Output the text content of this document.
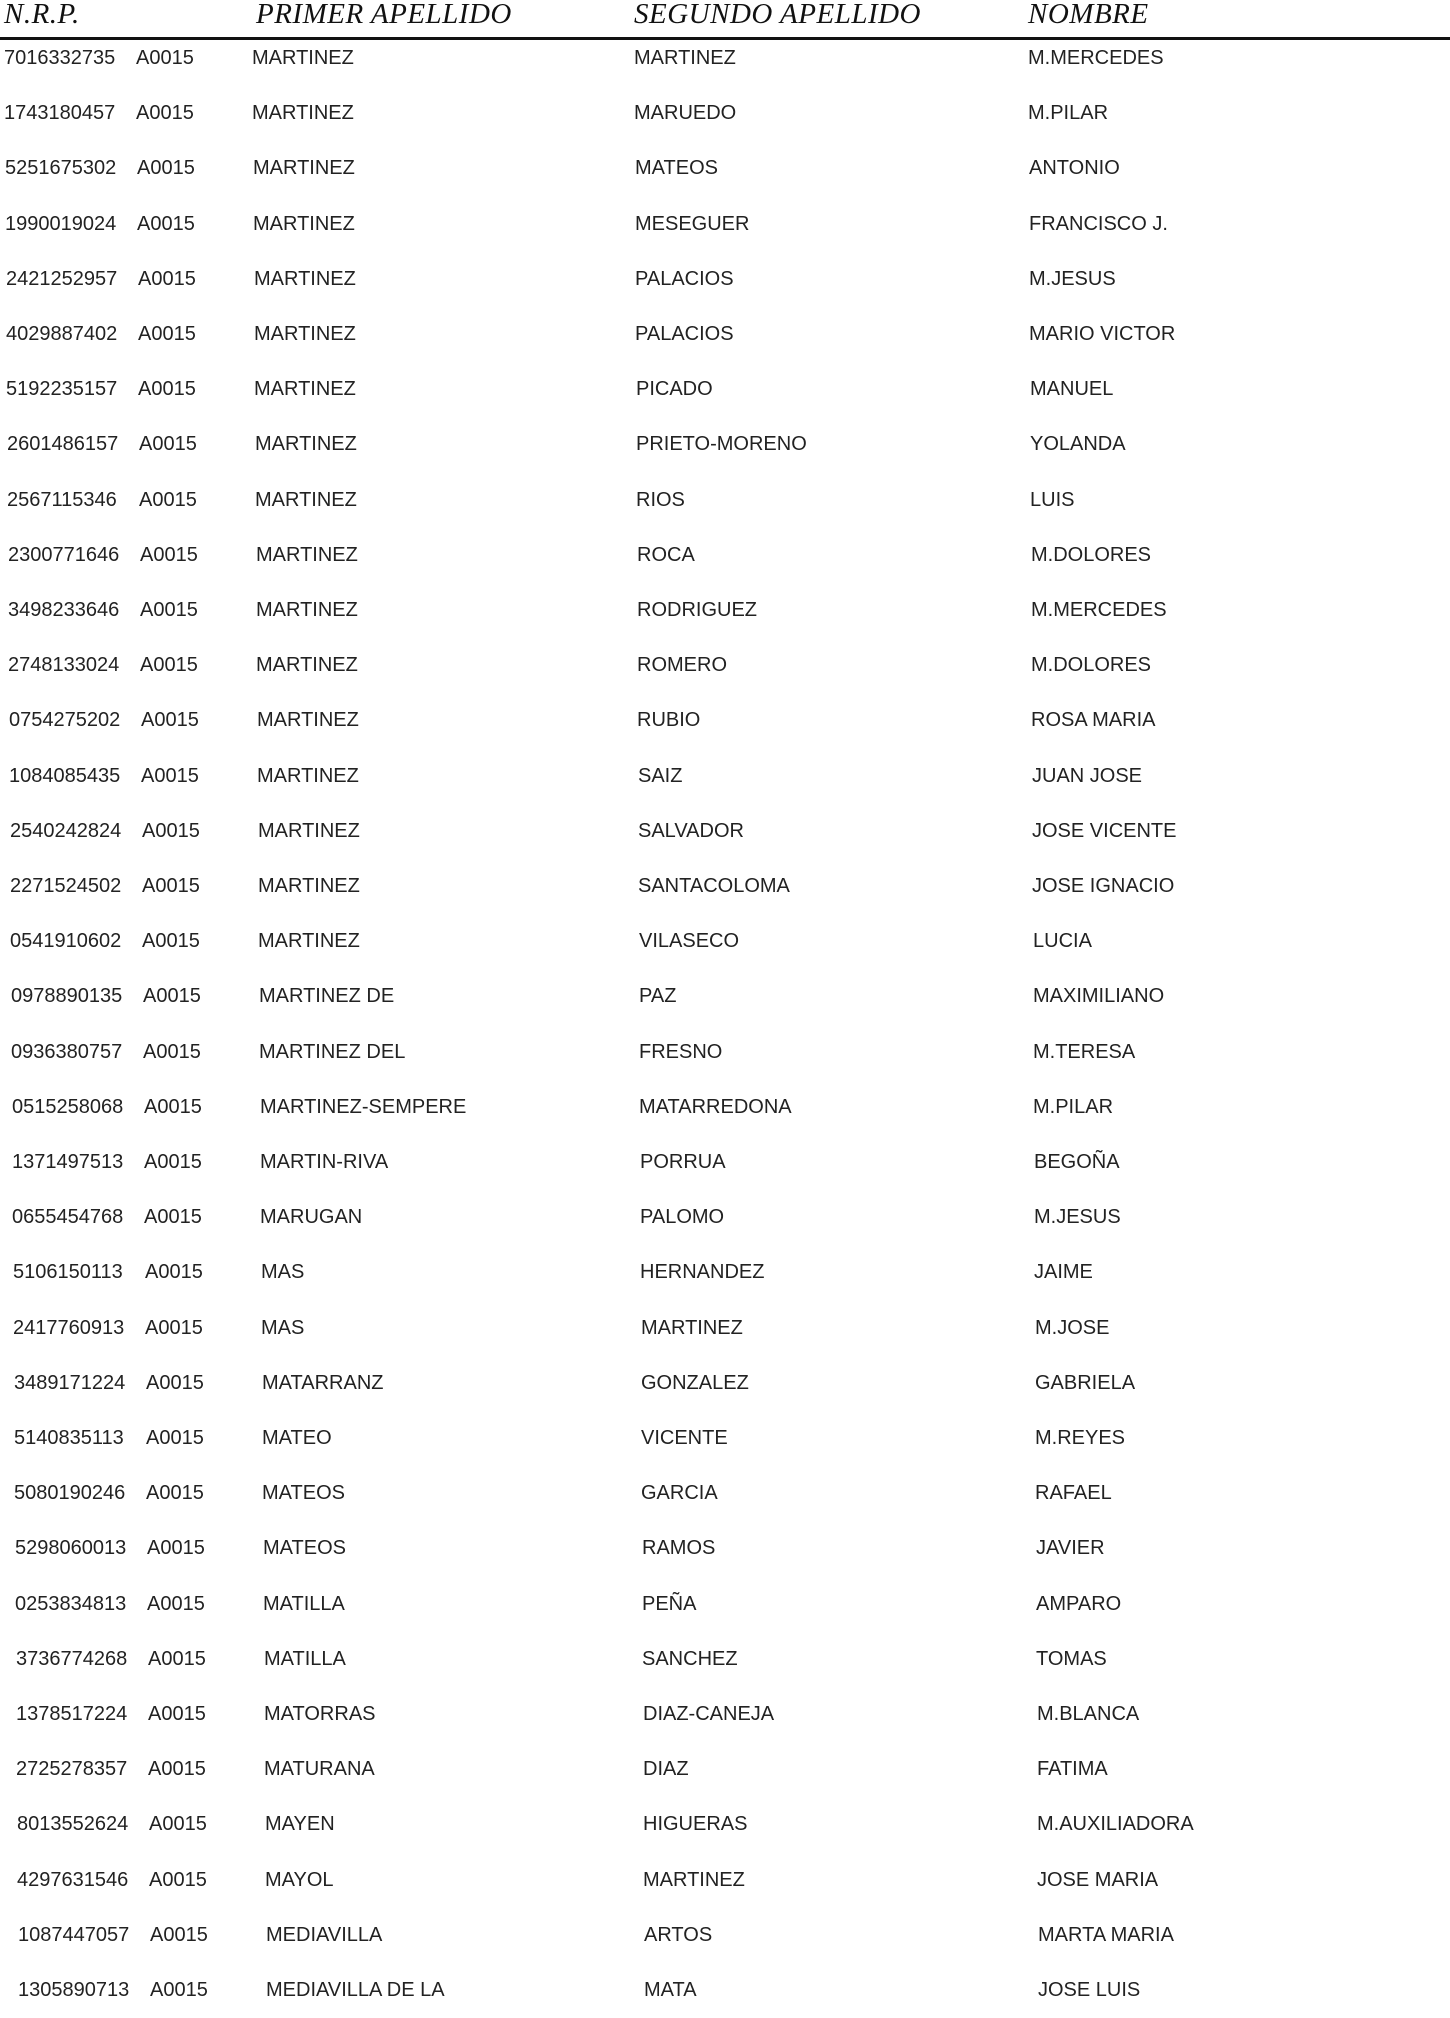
N.R.P.	PRIMER APELLIDO	SEGUNDO APELLIDO	NOMBRE
7016332735 A0015	MARTINEZ	MARTINEZ	M.MERCEDES
1743180457 A0015	MARTINEZ	MARUEDO	M.PILAR
5251675302 A0015	MARTINEZ	MATEOS	ANTONIO
1990019024 A0015	MARTINEZ	MESEGUER	FRANCISCO J.
2421252957 A0015	MARTINEZ	PALACIOS	M.JESUS
4029887402 A0015	MARTINEZ	PALACIOS	MARIO VICTOR
5192235157 A0015	MARTINEZ	PICADO	MANUEL
2601486157 A0015	MARTINEZ	PRIETO-MORENO	YOLANDA
2567115346 A0015	MARTINEZ	RIOS	LUIS
2300771646 A0015	MARTINEZ	ROCA	M.DOLORES
3498233646 A0015	MARTINEZ	RODRIGUEZ	M.MERCEDES
2748133024 A0015	MARTINEZ	ROMERO	M.DOLORES
0754275202 A0015	MARTINEZ	RUBIO	ROSA MARIA
1084085435 A0015	MARTINEZ	SAIZ	JUAN JOSE
2540242824 A0015	MARTINEZ	SALVADOR	JOSE VICENTE
2271524502 A0015	MARTINEZ	SANTACOLOMA	JOSE IGNACIO
0541910602 A0015	MARTINEZ	VILASECO	LUCIA
0978890135 A0015	MARTINEZ DE	PAZ	MAXIMILIANO
0936380757 A0015	MARTINEZ DEL	FRESNO	M.TERESA
0515258068 A0015	MARTINEZ-SEMPERE	MATARREDONA	M.PILAR
1371497513 A0015	MARTIN-RIVA	PORRUA	BEGOÑA
0655454768 A0015	MARUGAN	PALOMO	M.JESUS
5106150113 A0015	MAS	HERNANDEZ	JAIME
2417760913 A0015	MAS	MARTINEZ	M.JOSE
3489171224 A0015	MATARRANZ	GONZALEZ	GABRIELA
5140835113 A0015	MATEO	VICENTE	M.REYES
5080190246 A0015	MATEOS	GARCIA	RAFAEL
5298060013 A0015	MATEOS	RAMOS	JAVIER
0253834813 A0015	MATILLA	PEÑA	AMPARO
3736774268 A0015	MATILLA	SANCHEZ	TOMAS
1378517224 A0015	MATORRAS	DIAZ-CANEJA	M.BLANCA
2725278357 A0015	MATURANA	DIAZ	FATIMA
8013552624 A0015	MAYEN	HIGUERAS	M.AUXILIADORA
4297631546 A0015	MAYOL	MARTINEZ	JOSE MARIA
1087447057 A0015	MEDIAVILLA	ARTOS	MARTA MARIA
1305890713 A0015	MEDIAVILLA DE LA	MATA	JOSE LUIS
